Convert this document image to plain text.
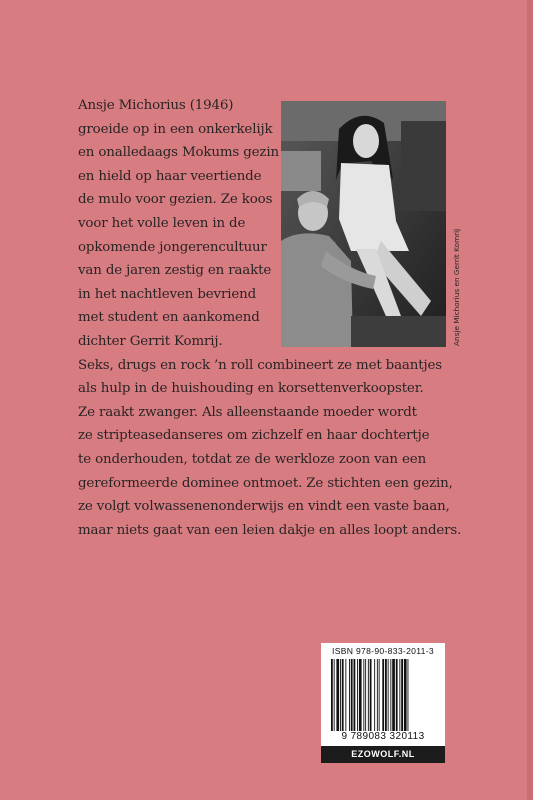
Ansje Michorius (1946)
groeide op in een onkerkelijk
en onalledaags Mokums gezin
en hield op haar veertiende
de mulo voor gezien. Ze koos
voor het volle leven in de
opkomende jongerencultuur
van de jaren zestig en raakte
in het nachtleven bevriend
met student en aankomend
dichter Gerrit Komrij.
Seks, drugs en rock ’n roll combineert ze met baantjes
als hulp in de huishouding en korsettenverkoopster.
Ze raakt zwanger. Als alleenstaande moeder wordt
ze stripteasedanseres om zichzelf en haar dochtertje
te onderhouden, totdat ze de werkloze zoon van een
gereformeerde dominee ontmoet. Ze stichten een gezin,
ze volgt volwassenenonderwijs en vindt een vaste baan,
maar niets gaat van een leien dakje en alles loopt anders.
Ansje Michorius en Gerrit Komrij
ISBN 978-90-833-2011-3
9 789083 320113
EZOWOLF.NL
